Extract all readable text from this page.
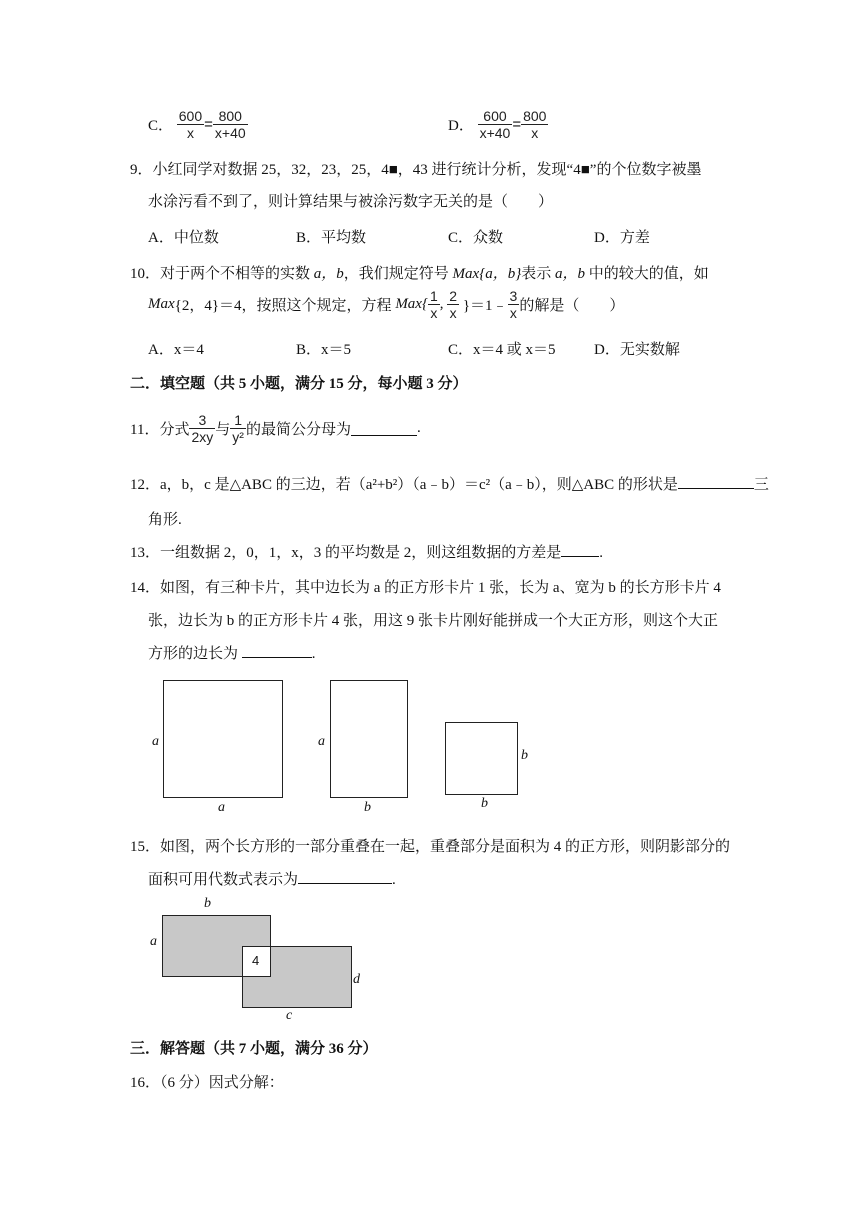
C． $\frac{600}{x} = \frac{800}{x+40}$	D． $\frac{600}{x+40} = \frac{800}{x}$
9．小红同学对数据 25，32，23，25，4■，43 进行统计分析，发现“4■”的个位数字被墨
水涂污看不到了，则计算结果与被涂污数字无关的是（　　）
A．中位数	B．平均数	C．众数	D．方差
10．对于两个不相等的实数 a，b，我们规定符号 Max{a，b}表示 a，b 中的较大的值，如
Max{2，4}＝4，按照这个规定，方程 $Max\{ \frac{1}{x}$ , $\frac{2}{x}$ }＝1﹣ $\frac{3}{x}$ 的解是（　　）
A．x＝4	B．x＝5	C．x＝4 或 x＝5	D．无实数解
二．填空题（共 5 小题，满分 15 分，每小题 3 分）
11．分式 $\frac{3}{2xy}$ 与 $\frac{1}{\text{y²}}$ 的最简公分母为	.
12．a，b，c 是△ABC 的三边，若（a²+b²）（a﹣b）＝c²（a﹣b），则△ABC 的形状是	三
角形.
13．一组数据 2，0，1，x，3 的平均数是 2，则这组数据的方差是	.
14．如图，有三种卡片，其中边长为 a 的正方形卡片 1 张，长为 a、宽为 b 的长方形卡片 4
张，边长为 b 的正方形卡片 4 张，用这 9 张卡片刚好能拼成一个大正方形，则这个大正
方形的边长为	.
a
a
a
b
b
b
15．如图，两个长方形的一部分重叠在一起，重叠部分是面积为 4 的正方形，则阴影部分的
面积可用代数式表示为	.
4
b
a
d
c
三．解答题（共 7 小题，满分 36 分）
16．（6 分）因式分解：
